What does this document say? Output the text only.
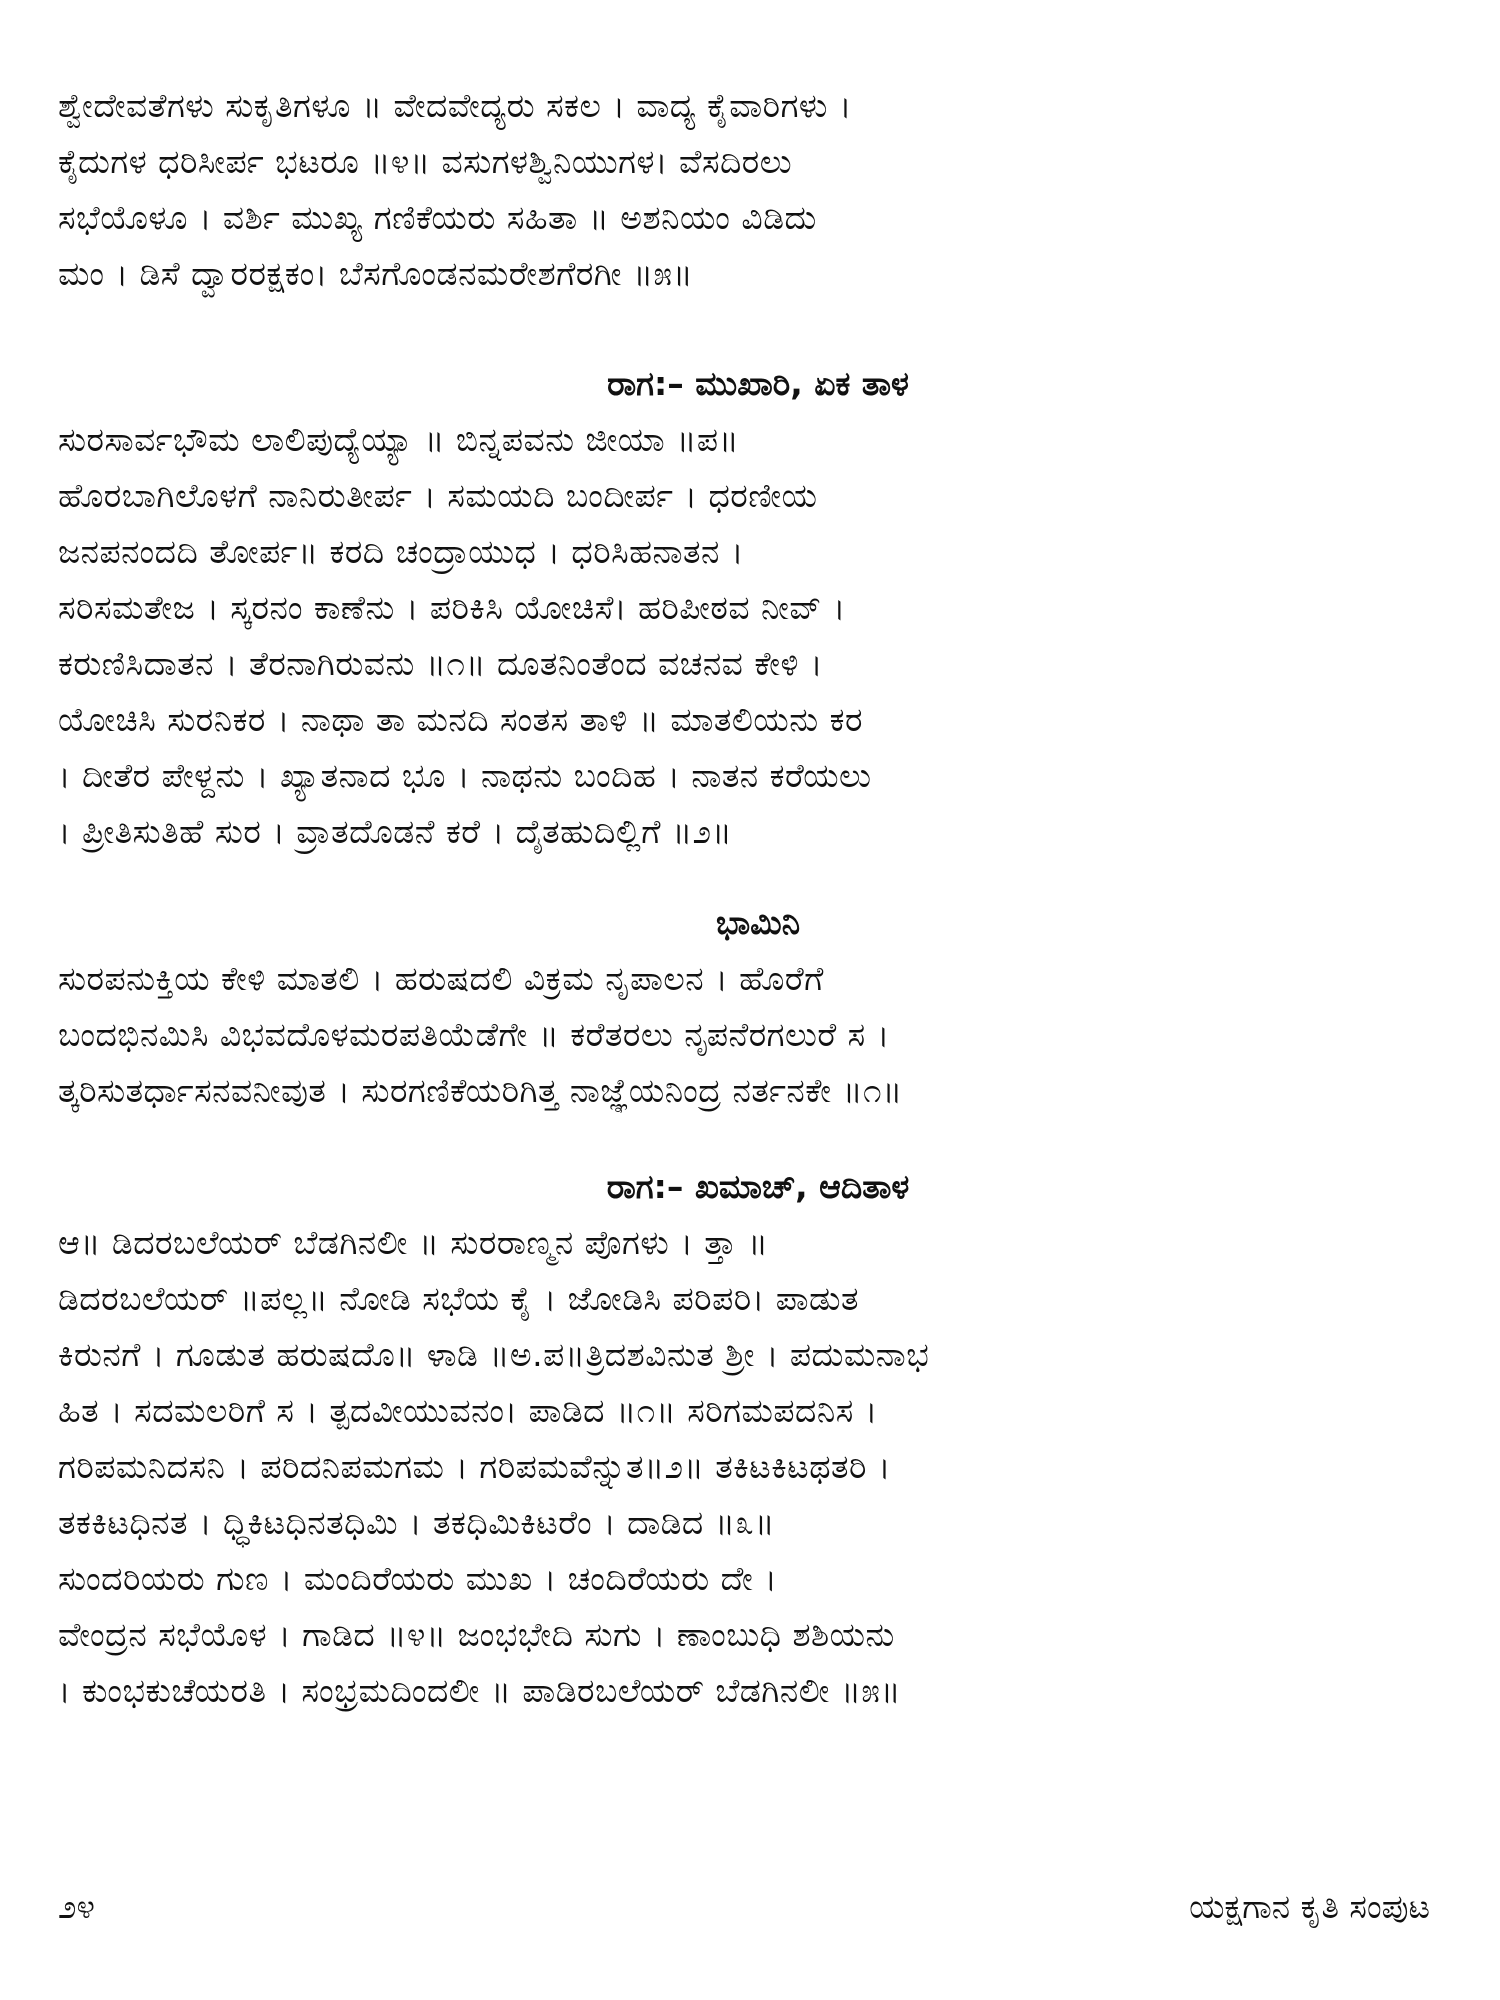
ಶ್ವೇದೇವತೆಗಳು ಸುಕೃತಿಗಳೂ ॥ ವೇದವೇದ್ಯರು ಸಕಲ । ವಾದ್ಯ ಕೈವಾರಿಗಳು ।
ಕೈದುಗಳ ಧರಿಸೀರ್ಪ ಭಟರೂ ॥೪॥ ವಸುಗಳಶ್ವಿನಿಯುಗಳ। ವೆಸದಿರಲು
ಸಭೆಯೊಳೂ । ವರ್ಶಿ ಮುಖ್ಯ ಗಣಿಕೆಯರು ಸಹಿತಾ ॥ ಅಶನಿಯಂ ವಿಡಿದು
ಮಂ । ಡಿಸೆ ದ್ವಾರರಕ್ಷಕಂ। ಬೆಸಗೊಂಡನಮರೇಶಗೆರಗೀ ॥೫॥
ರಾಗ:– ಮುಖಾರಿ, ಏಕ ತಾಳ
ಸುರಸಾರ್ವಭೌಮ ಲಾಲಿಪುದ್ಯೆಯ್ಯಾ ॥ ಬಿನ್ನಪವನು ಜೀಯಾ ॥ಪ॥
ಹೊರಬಾಗಿಲೊಳಗೆ ನಾನಿರುತೀರ್ಪ । ಸಮಯದಿ ಬಂದೀರ್ಪ । ಧರಣೀಯ
ಜನಪನಂದದಿ ತೋರ್ಪ॥ ಕರದಿ ಚಂದ್ರಾಯುಧ । ಧರಿಸಿಹನಾತನ ।
ಸರಿಸಮತೇಜ । ಸ್ಕರನಂ ಕಾಣೆನು । ಪರಿಕಿಸಿ ಯೋಚಿಸೆ। ಹರಿಪೀಠವ ನೀವ್ ।
ಕರುಣಿಸಿದಾತನ । ತೆರನಾಗಿರುವನು ॥೧॥ ದೂತನಿಂತೆಂದ ವಚನವ ಕೇಳಿ ।
ಯೋಚಿಸಿ ಸುರನಿಕರ । ನಾಥಾ ತಾ ಮನದಿ ಸಂತಸ ತಾಳಿ ॥ ಮಾತಲಿಯನು ಕರ
। ದೀತೆರ ಪೇಳ್ದನು । ಖ್ಯಾತನಾದ ಭೂ । ನಾಥನು ಬಂದಿಹ । ನಾತನ ಕರೆಯಲು
। ಪ್ರೀತಿಸುತಿಹೆ ಸುರ । ವ್ರಾತದೊಡನೆ ಕರೆ । ದೈತಹುದಿಲ್ಲಿಗೆ ॥೨॥
ಭಾಮಿನಿ
ಸುರಪನುಕ್ತಿಯ ಕೇಳಿ ಮಾತಲಿ । ಹರುಷದಲಿ ವಿಕ್ರಮ ನೃಪಾಲನ । ಹೊರೆಗೆ
ಬಂದಭಿನಮಿಸಿ ವಿಭವದೊಳಮರಪತಿಯೆಡೆಗೇ ॥ ಕರೆತರಲು ನೃಪನೆರಗಲುರೆ ಸ ।
ತ್ಕರಿಸುತರ್ಧಾಸನವನೀವುತ । ಸುರಗಣಿಕೆಯರಿಗಿತ್ತ ನಾಜ್ಞೆಯನಿಂದ್ರ ನರ್ತನಕೇ ॥೧॥
ರಾಗ:– ಖಮಾಚ್, ಆದಿತಾಳ
ಆ॥ ಡಿದರಬಲೆಯರ್ ಬೆಡಗಿನಲೀ ॥ ಸುರರಾಣ್ಮನ ಪೊಗಳು । ತ್ತಾ ॥
ಡಿದರಬಲೆಯರ್ ॥ಪಲ್ಲ॥ ನೋಡಿ ಸಭೆಯ ಕೈ । ಜೋಡಿಸಿ ಪರಿಪರಿ। ಪಾಡುತ
ಕಿರುನಗೆ । ಗೂಡುತ ಹರುಷದೊ॥ ಳಾಡಿ ॥ಅ.ಪ॥ತ್ರಿದಶವಿನುತ ಶ್ರೀ । ಪದುಮನಾಭ
ಹಿತ । ಸದಮಲರಿಗೆ ಸ । ತ್ಪದವೀಯುವನಂ। ಪಾಡಿದ ॥೧॥ ಸರಿಗಮಪದನಿಸ ।
ಗರಿಪಮನಿದಸನಿ । ಪರಿದನಿಪಮಗಮ । ಗರಿಪಮವೆನ್ನುತ॥೨॥ ತಕಿಟಕಿಟಥತರಿ ।
ತಕಕಿಟಧಿನತ । ಧ್ಧಿಕಿಟಧಿನತಧಿಮಿ । ತಕಧಿಮಿಕಿಟರೆಂ । ದಾಡಿದ ॥೩॥
ಸುಂದರಿಯರು ಗುಣ । ಮಂದಿರೆಯರು ಮುಖ । ಚಂದಿರೆಯರು ದೇ ।
ವೇಂದ್ರನ ಸಭೆಯೊಳ । ಗಾಡಿದ ॥೪॥ ಜಂಭಭೇದಿ ಸುಗು । ಣಾಂಬುಧಿ ಶಶಿಯನು
। ಕುಂಭಕುಚೆಯರತಿ । ಸಂಭ್ರಮದಿಂದಲೀ ॥ ಪಾಡಿರಬಲೆಯರ್ ಬೆಡಗಿನಲೀ ॥೫॥
೨೪	ಯಕ್ಷಗಾನ ಕೃತಿ ಸಂಪುಟ
